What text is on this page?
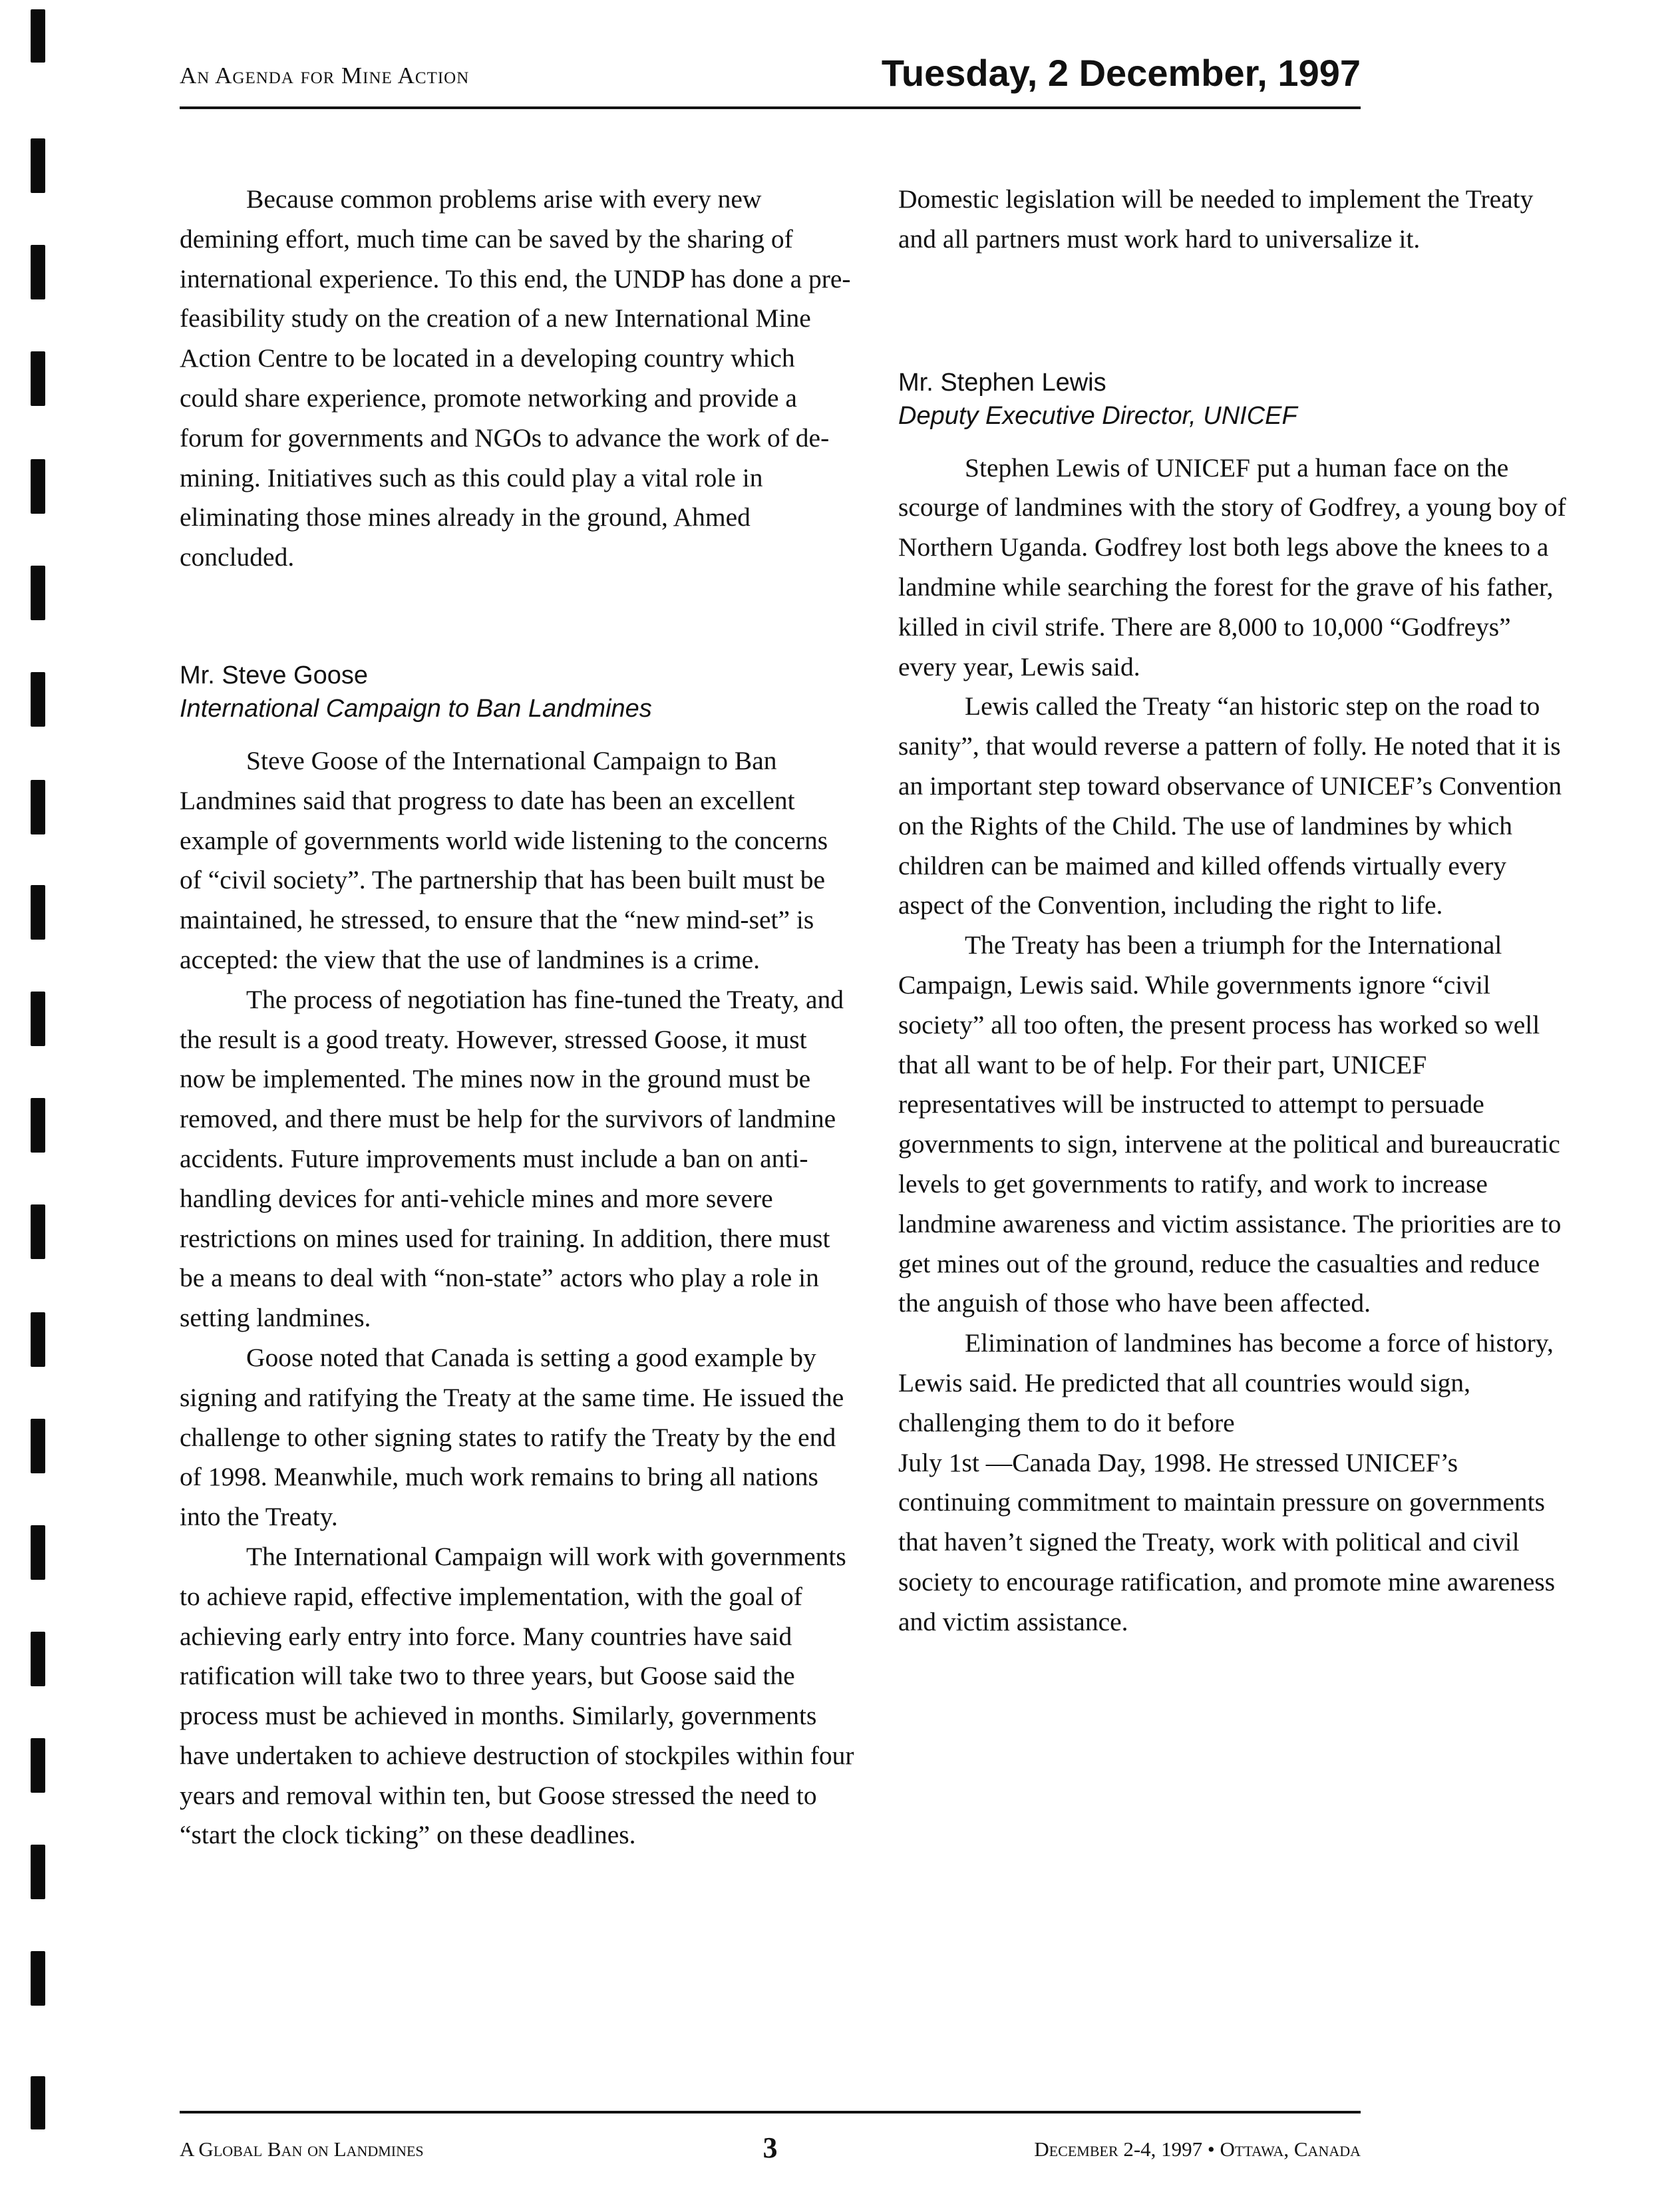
An Agenda for Mine Action	Tuesday, 2 December, 1997

Because common problems arise with every new demining effort, much time can be saved by the sharing of international experience. To this end, the UNDP has done a pre-feasibility study on the creation of a new International Mine Action Centre to be located in a developing country which could share experience, promote networking and provide a forum for governments and NGOs to advance the work of de-mining. Initiatives such as this could play a vital role in eliminating those mines already in the ground, Ahmed concluded.

Mr. Steve Goose
International Campaign to Ban Landmines

Steve Goose of the International Campaign to Ban Landmines said that progress to date has been an excellent example of governments world wide listening to the concerns of “civil society”. The partnership that has been built must be maintained, he stressed, to ensure that the “new mind-set” is accepted: the view that the use of landmines is a crime.

The process of negotiation has fine-tuned the Treaty, and the result is a good treaty. However, stressed Goose, it must now be implemented. The mines now in the ground must be removed, and there must be help for the survivors of landmine accidents. Future improvements must include a ban on anti-handling devices for anti-vehicle mines and more severe restrictions on mines used for training. In addition, there must be a means to deal with “non-state” actors who play a role in setting landmines.

Goose noted that Canada is setting a good example by signing and ratifying the Treaty at the same time. He issued the challenge to other signing states to ratify the Treaty by the end of 1998. Meanwhile, much work remains to bring all nations into the Treaty.

The International Campaign will work with governments to achieve rapid, effective implementation, with the goal of achieving early entry into force. Many countries have said ratification will take two to three years, but Goose said the process must be achieved in months. Similarly, governments have undertaken to achieve destruction of stockpiles within four years and removal within ten, but Goose stressed the need to “start the clock ticking” on these deadlines.

Domestic legislation will be needed to implement the Treaty and all partners must work hard to universalize it.

Mr. Stephen Lewis
Deputy Executive Director, UNICEF

Stephen Lewis of UNICEF put a human face on the scourge of landmines with the story of Godfrey, a young boy of Northern Uganda. Godfrey lost both legs above the knees to a landmine while searching the forest for the grave of his father, killed in civil strife. There are 8,000 to 10,000 “Godfreys” every year, Lewis said.

Lewis called the Treaty “an historic step on the road to sanity”, that would reverse a pattern of folly. He noted that it is an important step toward observance of UNICEF’s Convention on the Rights of the Child. The use of landmines by which children can be maimed and killed offends virtually every aspect of the Convention, including the right to life.

The Treaty has been a triumph for the International Campaign, Lewis said. While governments ignore “civil society” all too often, the present process has worked so well that all want to be of help. For their part, UNICEF representatives will be instructed to attempt to persuade governments to sign, intervene at the political and bureaucratic levels to get governments to ratify, and work to increase landmine awareness and victim assistance. The priorities are to get mines out of the ground, reduce the casualties and reduce the anguish of those who have been affected.

Elimination of landmines has become a force of history, Lewis said. He predicted that all countries would sign, challenging them to do it before

July 1st —Canada Day, 1998. He stressed UNICEF’s continuing commitment to maintain pressure on governments that haven’t signed the Treaty, work with political and civil society to encourage ratification, and promote mine awareness and victim assistance.

A Global Ban on Landmines	3	December 2-4, 1997 • Ottawa, Canada
